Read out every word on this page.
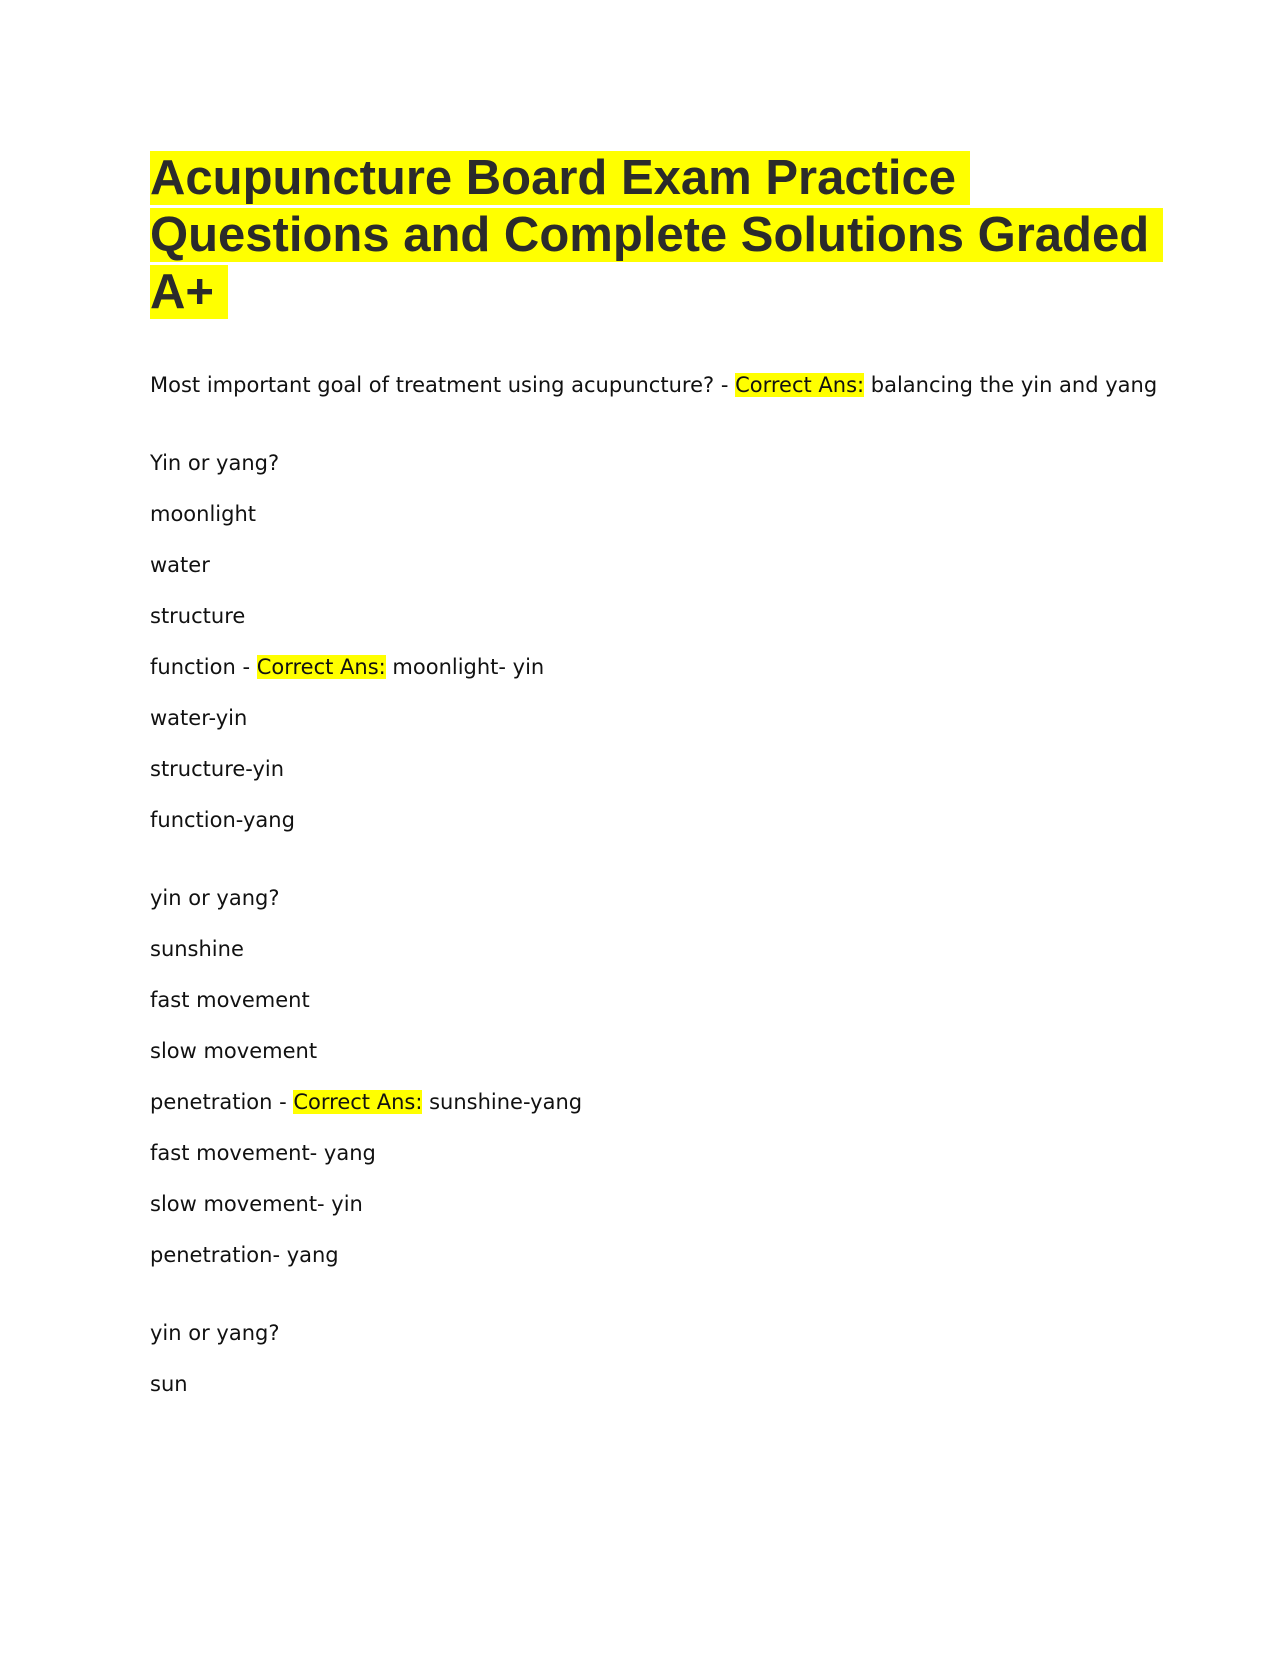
Acupuncture Board Exam Practice Questions and Complete Solutions Graded A+
Most important goal of treatment using acupuncture? - Correct Ans: balancing the yin and yang
Yin or yang?
moonlight
water
structure
function - Correct Ans: moonlight- yin
water-yin
structure-yin
function-yang
yin or yang?
sunshine
fast movement
slow movement
penetration - Correct Ans: sunshine-yang
fast movement- yang
slow movement- yin
penetration- yang
yin or yang?
sun
